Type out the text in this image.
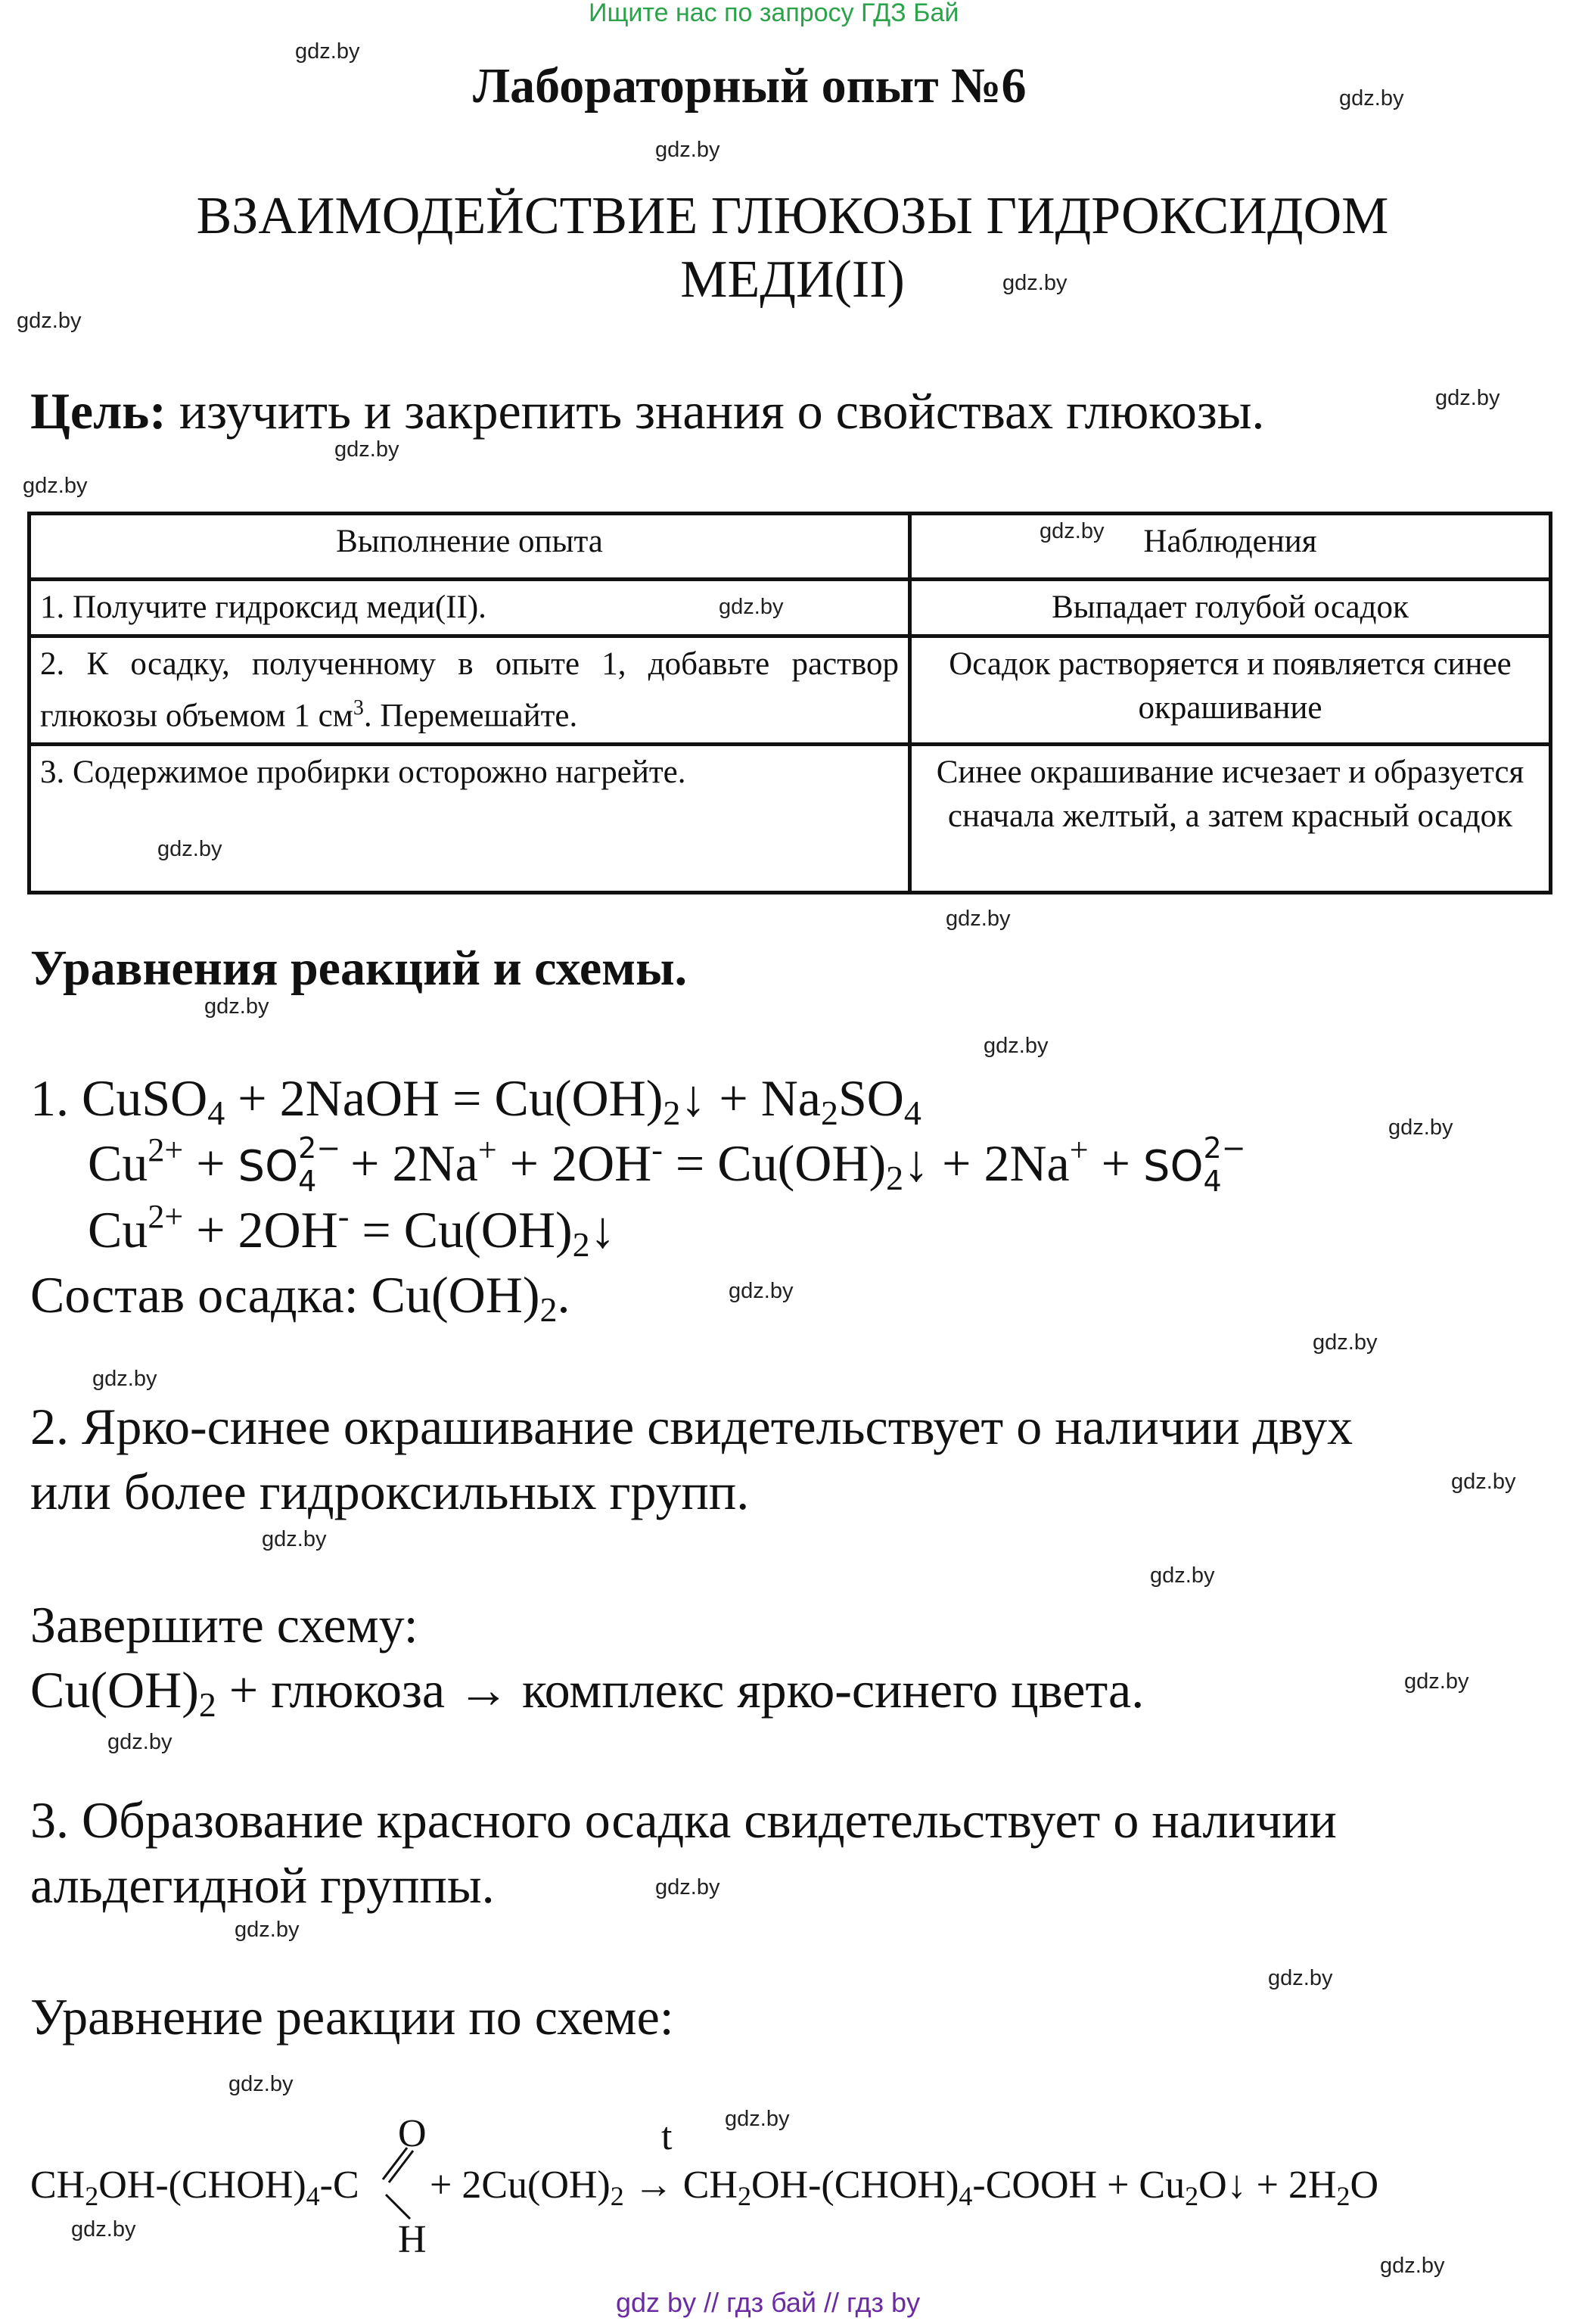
Ищите нас по запросу ГДЗ Бай
Лабораторный опыт №6
ВЗАИМОДЕЙСТВИЕ ГЛЮКОЗЫ ГИДРОКСИДОМ
МЕДИ(II)
Цель: изучить и закрепить знания о свойствах глюкозы.
Выполнение опыта	Наблюдения
1. Получите гидроксид меди(II).	Выпадает голубой осадок
2. К осадку, полученному в опыте 1, добавьте раствор глюкозы объемом 1 $см^3$. Перемешайте.	Осадок растворяется и появляется синее окрашивание
3. Содержимое пробирки осторожно нагрейте.	Синее окрашивание исчезает и образуется сначала желтый, а затем красный осадок
Уравнения реакций и схемы.
1. CuSO$_4$ + 2NaOH = $Cu(OH)_2↓ + Na_2SO_4$
$Cu^{2+}$ + SO 2−
$4 + 2Na^+ + 2OH^- = Cu(OH)_2↓ + 2Na^+$ + SO 2−
4
$Cu^{2+} + 2OH^-$ = $Cu(OH)_2↓$
Состав осадка: $Cu(OH)_2$.
2. Ярко-синее окрашивание свидетельствует о наличии двух
или более гидроксильных групп.
Завершите схему:
$Cu(OH)_2$ + глюкоза → комплекс ярко-синего цвета.
3. Образование красного осадка свидетельствует о наличии
альдегидной группы.
Уравнение реакции по схеме:
$CH_2OH-(CHOH)_4-C$
O
H
t
+ $2Cu(OH)_2$ → $CH_2OH-(CHOH)_4$-COOH + $Cu_2O↓ + 2H_2O$
gdz.by
gdz.by
gdz.by
gdz.by
gdz.by
gdz.by
gdz.by
gdz.by
gdz.by
gdz.by
gdz.by
gdz.by
gdz.by
gdz.by
gdz.by
gdz.by
gdz.by
gdz.by
gdz.by
gdz.by
gdz.by
gdz.by
gdz.by
gdz.by
gdz.by
gdz.by
gdz.by
gdz.by
gdz.by
gdz.by
gdz by // гдз бай // гдз by
